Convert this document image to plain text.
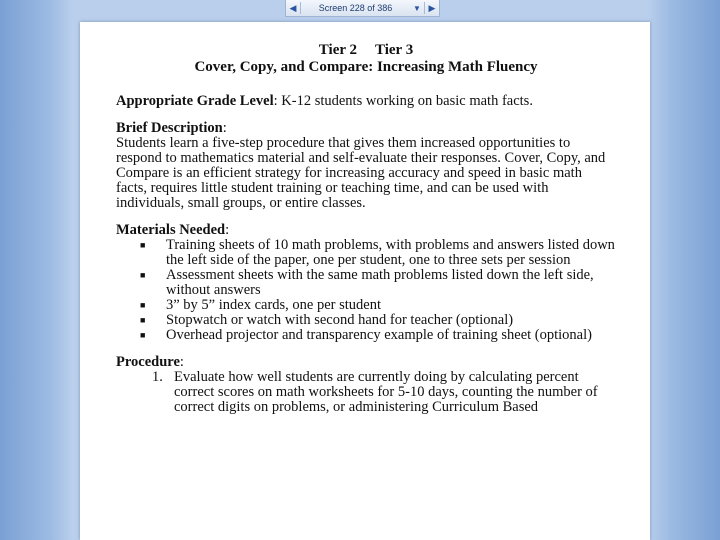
◀	Screen 228 of 386	▼ ▶

Tier 2 Tier 3

Cover, Copy, and Compare: Increasing Math Fluency

Appropriate Grade Level: K-12 students working on basic math facts.

Brief Description:

Students learn a five-step procedure that gives them increased opportunities to respond to mathematics material and self-evaluate their responses. Cover, Copy, and Compare is an efficient strategy for increasing accuracy and speed in basic math facts, requires little student training or teaching time, and can be used with individuals, small groups, or entire classes.

Materials Needed:

■ Training sheets of 10 math problems, with problems and answers listed down the left side of the paper, one per student, one to three sets per session
■ Assessment sheets with the same math problems listed down the left side, without answers
■ 3” by 5” index cards, one per student
■ Stopwatch or watch with second hand for teacher (optional)
■ Overhead projector and transparency example of training sheet (optional)

Procedure:

1. Evaluate how well students are currently doing by calculating percent correct scores on math worksheets for 5-10 days, counting the number of correct digits on problems, or administering Curriculum Based
